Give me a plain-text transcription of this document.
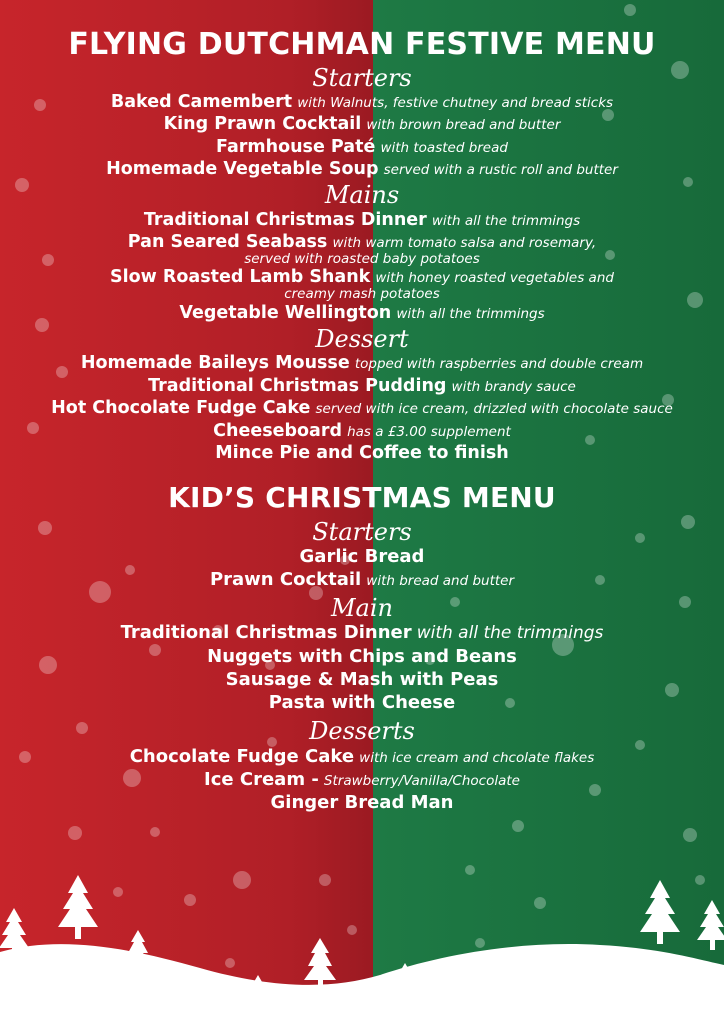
FLYING DUTCHMAN FESTIVE MENU
Starters
Baked Camembert with Walnuts, festive chutney and bread sticks
King Prawn Cocktail with brown bread and butter
Farmhouse Paté with toasted bread
Homemade Vegetable Soup served with a rustic roll and butter
Mains
Traditional Christmas Dinner with all the trimmings
Pan Seared Seabass with warm tomato salsa and rosemary,
served with roasted baby potatoes
Slow Roasted Lamb Shank with honey roasted vegetables and
creamy mash potatoes
Vegetable Wellington with all the trimmings
Dessert
Homemade Baileys Mousse topped with raspberries and double cream
Traditional Christmas Pudding with brandy sauce
Hot Chocolate Fudge Cake served with ice cream, drizzled with chocolate sauce
Cheeseboard has a £3.00 supplement
Mince Pie and Coffee to finish
KID’S CHRISTMAS MENU
Starters
Garlic Bread
Prawn Cocktail with bread and butter
Main
Traditional Christmas Dinner with all the trimmings
Nuggets with Chips and Beans
Sausage & Mash with Peas
Pasta with Cheese
Desserts
Chocolate Fudge Cake with ice cream and chcolate flakes
Ice Cream - Strawberry/Vanilla/Chocolate
Ginger Bread Man
